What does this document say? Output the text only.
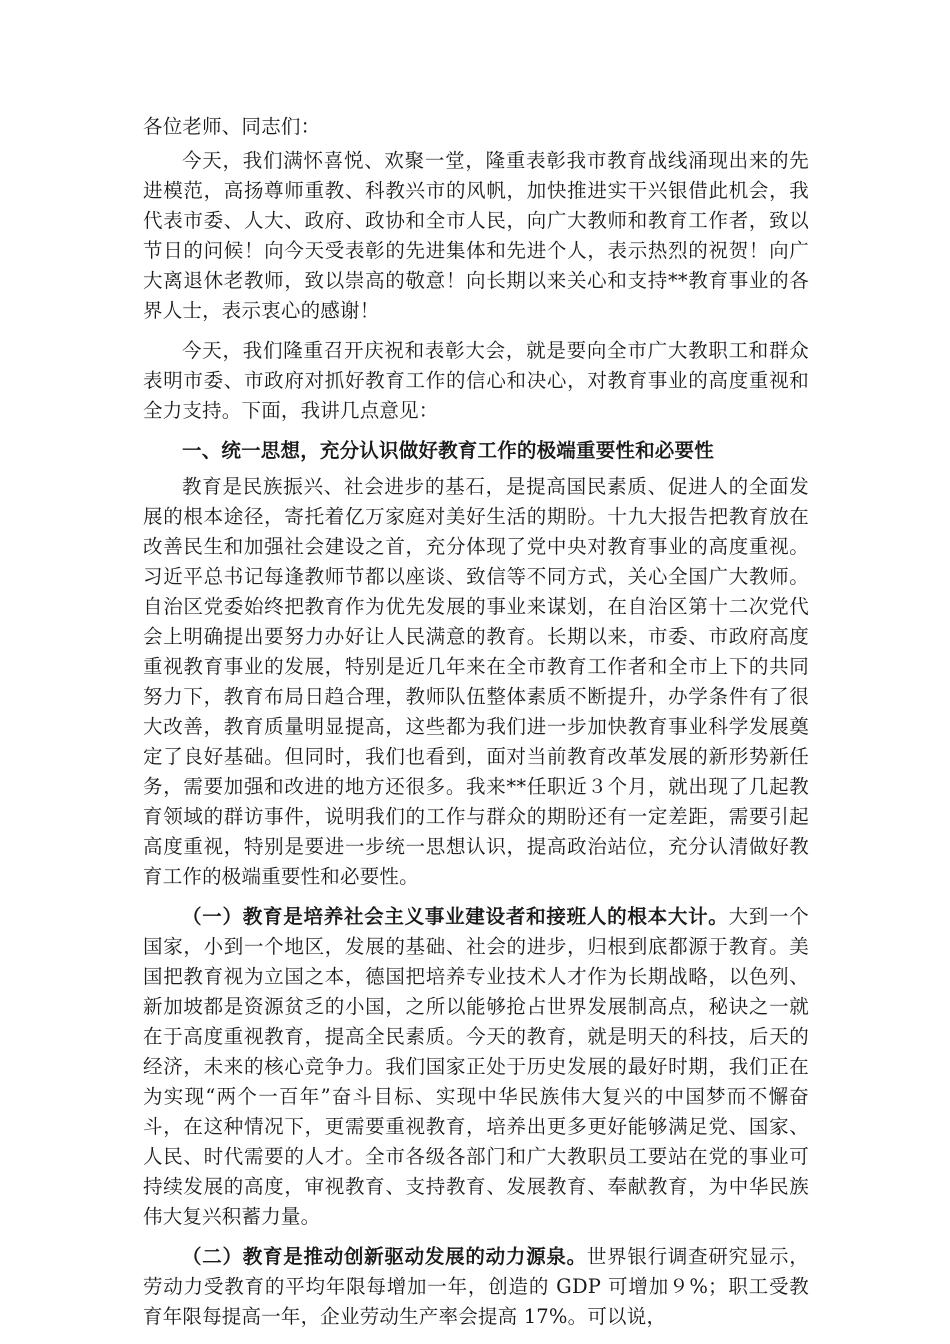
各位老师、同志们：

今天，我们满怀喜悦、欢聚一堂，隆重表彰我市教育战线涌现出来的先进模范，高扬尊师重教、科教兴市的风帆，加快推进实干兴银借此机会，我代表市委、人大、政府、政协和全市人民，向广大教师和教育工作者，致以节日的问候！向今天受表彰的先进集体和先进个人，表示热烈的祝贺！向广大离退休老教师，致以崇高的敬意！向长期以来关心和支持**教育事业的各界人士，表示衷心的感谢！

今天，我们隆重召开庆祝和表彰大会，就是要向全市广大教职工和群众表明市委、市政府对抓好教育工作的信心和决心，对教育事业的高度重视和全力支持。下面，我讲几点意见：

一、统一思想，充分认识做好教育工作的极端重要性和必要性

教育是民族振兴、社会进步的基石，是提高国民素质、促进人的全面发展的根本途径，寄托着亿万家庭对美好生活的期盼。十九大报告把教育放在改善民生和加强社会建设之首，充分体现了党中央对教育事业的高度重视。习近平总书记每逢教师节都以座谈、致信等不同方式，关心全国广大教师。自治区党委始终把教育作为优先发展的事业来谋划，在自治区第十二次党代会上明确提出要努力办好让人民满意的教育。长期以来，市委、市政府高度重视教育事业的发展，特别是近几年来在全市教育工作者和全市上下的共同努力下，教育布局日趋合理，教师队伍整体素质不断提升，办学条件有了很大改善，教育质量明显提高，这些都为我们进一步加快教育事业科学发展奠定了良好基础。但同时，我们也看到，面对当前教育改革发展的新形势新任务，需要加强和改进的地方还很多。我来**任职近３个月，就出现了几起教育领域的群访事件，说明我们的工作与群众的期盼还有一定差距，需要引起高度重视，特别是要进一步统一思想认识，提高政治站位，充分认清做好教育工作的极端重要性和必要性。

（一）教育是培养社会主义事业建设者和接班人的根本大计。大到一个国家，小到一个地区，发展的基础、社会的进步，归根到底都源于教育。美国把教育视为立国之本，德国把培养专业技术人才作为长期战略，以色列、新加坡都是资源贫乏的小国，之所以能够抢占世界发展制高点，秘诀之一就在于高度重视教育，提高全民素质。今天的教育，就是明天的科技，后天的经济，未来的核心竞争力。我们国家正处于历史发展的最好时期，我们正在为实现“两个一百年”奋斗目标、实现中华民族伟大复兴的中国梦而不懈奋斗，在这种情况下，更需要重视教育，培养出更多更好能够满足党、国家、人民、时代需要的人才。全市各级各部门和广大教职员工要站在党的事业可持续发展的高度，审视教育、支持教育、发展教育、奉献教育，为中华民族伟大复兴积蓄力量。

（二）教育是推动创新驱动发展的动力源泉。世界银行调查研究显示，劳动力受教育的平均年限每增加一年，创造的 GDP 可增加９%；职工受教育年限每提高一年，企业劳动生产率会提高 17%。可以说，
